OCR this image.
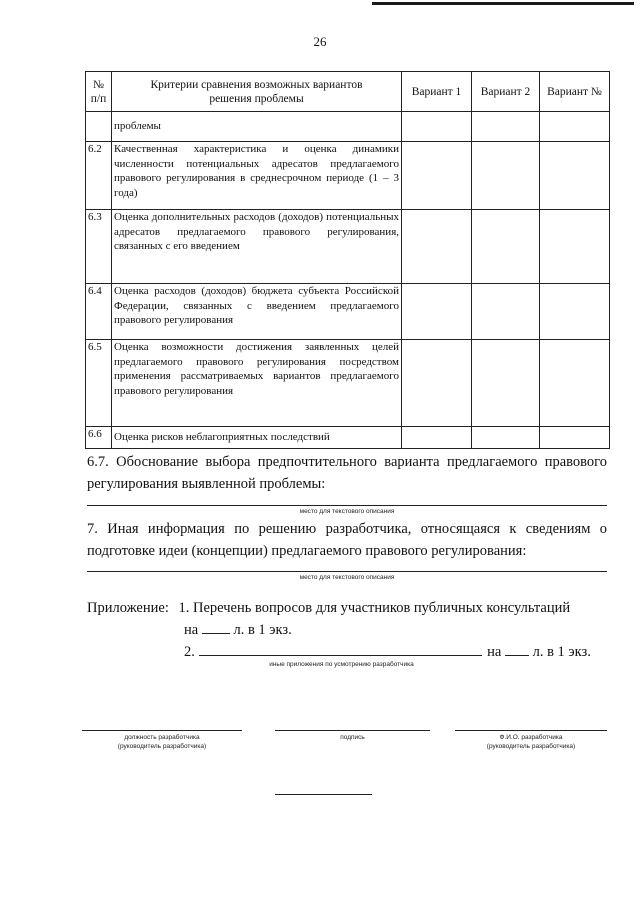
26
№ п/п	Критерии сравнения возможных вариантов решения проблемы	Вариант 1	Вариант 2	Вариант №
	проблемы			
6.2	Качественная характеристика и оценка динамики численности потенциальных адресатов предлагаемого правового регулирования в среднесрочном периоде (1 – 3 года)			
6.3	Оценка дополнительных расходов (доходов) потенциальных адресатов предлагаемого правового регулирования, связанных с его введением			
6.4	Оценка расходов (доходов) бюджета субъекта Российской Федерации, связанных с введением предлагаемого правового регулирования			
6.5	Оценка возможности достижения заявленных целей предлагаемого правового регулирования посредством применения рассматриваемых вариантов предлагаемого правового регулирования			
6.6	Оценка рисков неблагоприятных последствий			
6.7. Обоснование выбора предпочтительного варианта предлагаемого правового регулирования выявленной проблемы:
место для текстового описания
7. Иная информация по решению разработчика, относящаяся к сведениям о подготовке идеи (концепции) предлагаемого правового регулирования:
место для текстового описания
Приложение: 1. Перечень вопросов для участников публичных консультаций
на л. в 1 экз.
2.	на л. в 1 экз.
иные приложения по усмотрению разработчика
должность разработчика
(руководитель разработчика)
подпись	Ф.И.О. разработчика
(руководитель разработчика)
